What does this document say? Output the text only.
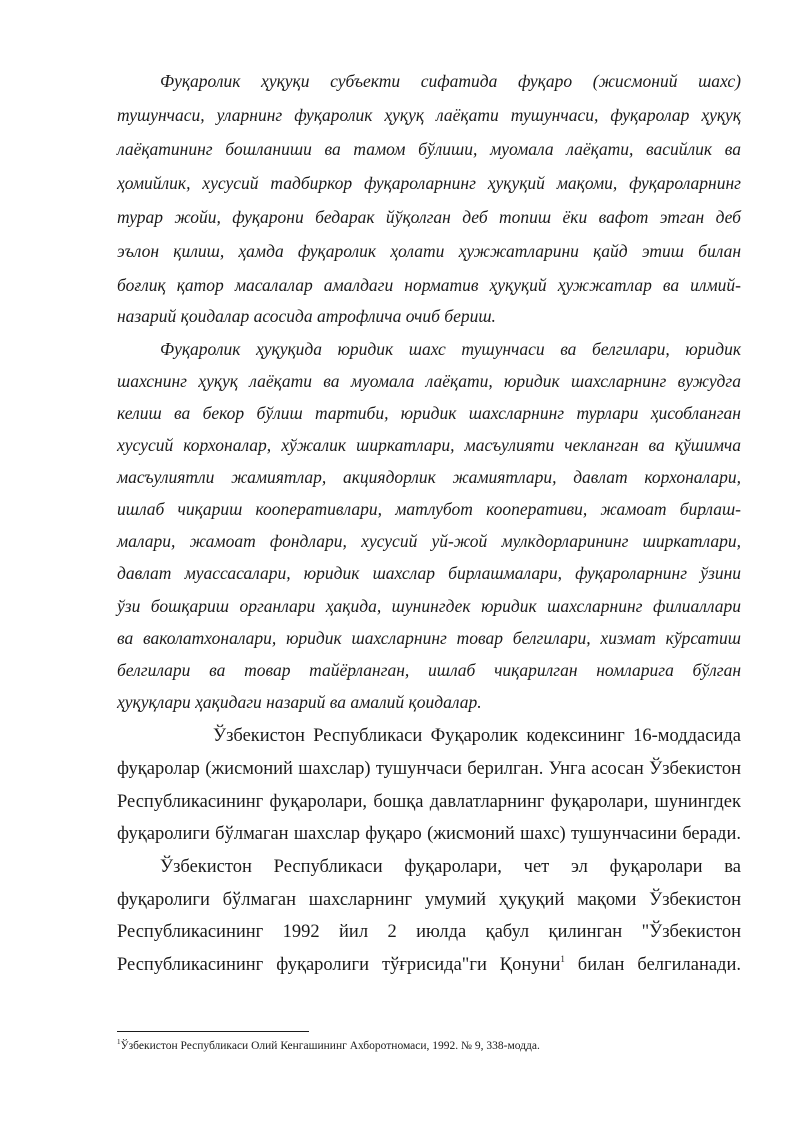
Фуқаролик ҳуқуқи субъекти сифатида фуқаро (жисмоний шахс)
тушунчаси, уларнинг фуқаролик ҳуқуқ лаёқати тушунчаси, фуқаролар ҳуқуқ
лаёқатининг бошланиши ва тамом бўлиши, муомала лаёқати, васийлик ва
ҳомийлик, хусусий тадбиркор фуқароларнинг ҳуқуқий мақоми, фуқароларнинг
турар жойи, фуқарони бедарак йўқолган деб топиш ёки вафот этган деб
эълон қилиш, ҳамда фуқаролик ҳолати ҳужжатларини қайд этиш билан
боғлиқ қатор масалалар амалдаги норматив ҳуқуқий ҳужжатлар ва илмий-
назарий қоидалар асосида атрофлича очиб бериш.
Фуқаролик ҳуқуқида юридик шахс тушунчаси ва белгилари, юридик
шахснинг ҳуқуқ лаёқати ва муомала лаёқати, юридик шахсларнинг вужудга
келиш ва бекор бўлиш тартиби, юридик шахсларнинг турлари ҳисобланган
хусусий корхоналар, хўжалик ширкатлари, масъулияти чекланган ва қўшимча
масъулиятли жамиятлар, акциядорлик жамиятлари, давлат корхоналари,
ишлаб чиқариш кооперативлари, матлубот кооперативи, жамоат бирлаш-
малари, жамоат фондлари, хусусий уй-жой мулкдорларининг ширкатлари,
давлат муассасалари, юридик шахслар бирлашмалари, фуқароларнинг ўзини
ўзи бошқариш органлари ҳақида, шунингдек юридик шахсларнинг филиаллари
ва ваколатхоналари, юридик шахсларнинг товар белгилари, хизмат кўрсатиш
белгилари ва товар тайёрланган, ишлаб чиқарилган номларига бўлган
ҳуқуқлари ҳақидаги назарий ва амалий қоидалар.
Ўзбекистон Республикаси Фуқаролик кодексининг 16-моддасида
фуқаролар (жисмоний шахслар) тушунчаси берилган. Унга асосан Ўзбекистон
Республикасининг фуқаролари, бошқа давлатларнинг фуқаролари, шунингдек
фуқаролиги бўлмаган шахслар фуқаро (жисмоний шахс) тушунчасини беради.
Ўзбекистон Республикаси фуқаролари, чет эл фуқаролари ва
фуқаролиги бўлмаган шахсларнинг умумий ҳуқуқий мақоми Ўзбекистон
Республикасининг 1992 йил 2 июлда қабул қилинган "Ўзбекистон
Республикасининг фуқаролиги тўғрисида"ги Қонуни$^1$ билан белгиланади.
$^1$Ўзбекистон Республикаси Олий Кенгашининг Ахборотномаси, 1992. № 9, 338-модда.
